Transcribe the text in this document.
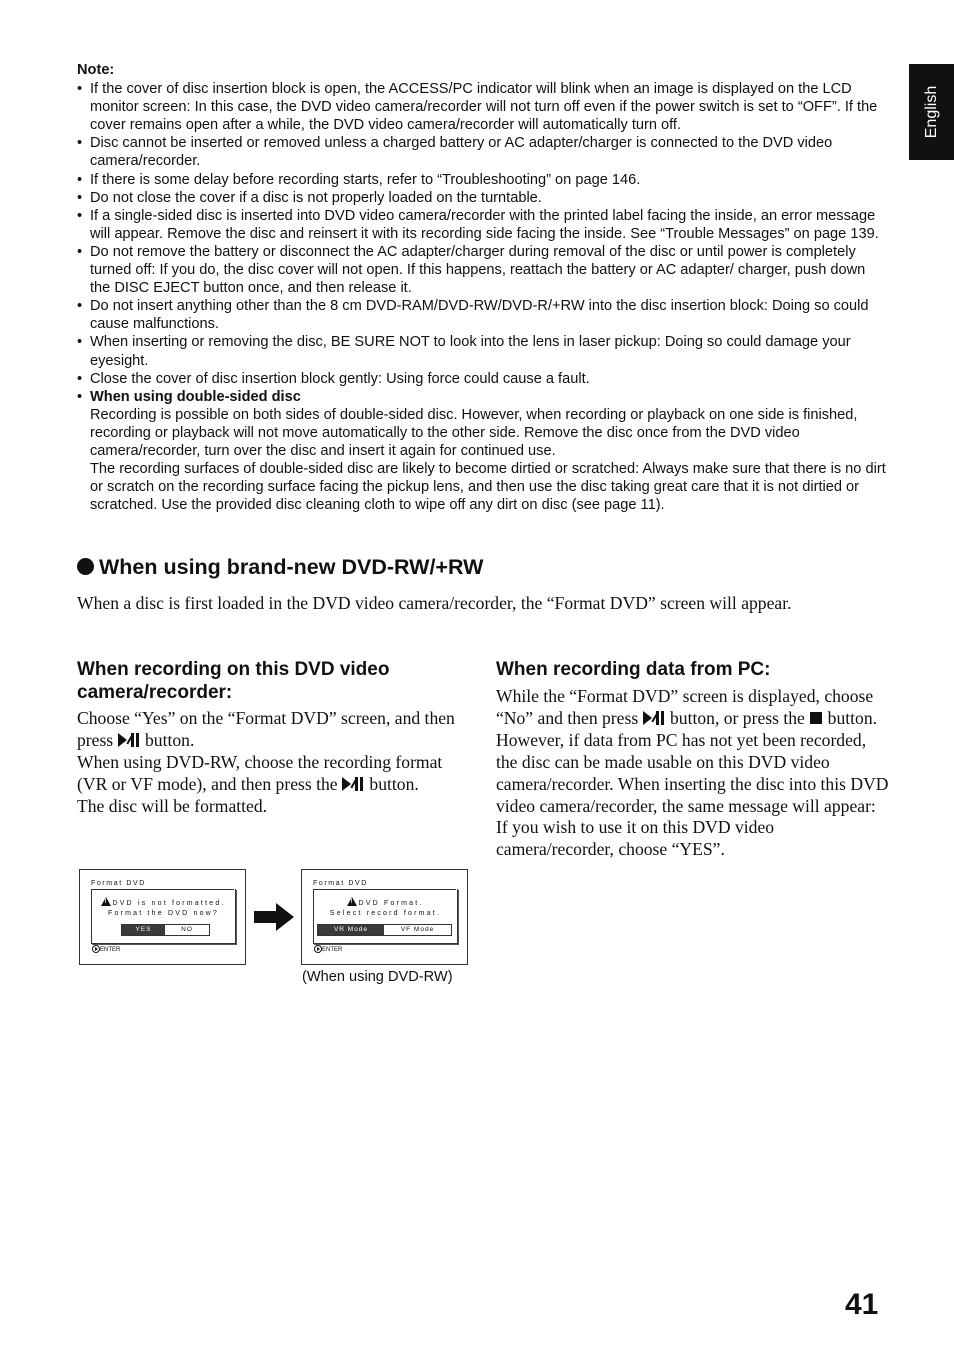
English
Note:
• If the cover of disc insertion block is open, the ACCESS/PC indicator will blink when an image is displayed on the LCD monitor screen: In this case, the DVD video camera/recorder will not turn off even if the power switch is set to “OFF”. If the cover remains open after a while, the DVD video camera/recorder will automatically turn off.
• Disc cannot be inserted or removed unless a charged battery or AC adapter/charger is connected to the DVD video camera/recorder.
• If there is some delay before recording starts, refer to “Troubleshooting” on page 146.
• Do not close the cover if a disc is not properly loaded on the turntable.
• If a single-sided disc is inserted into DVD video camera/recorder with the printed label facing the inside, an error message will appear. Remove the disc and reinsert it with its recording side facing the inside. See “Trouble Messages” on page 139.
• Do not remove the battery or disconnect the AC adapter/charger during removal of the disc or until power is completely turned off: If you do, the disc cover will not open. If this happens, reattach the battery or AC adapter/ charger, push down the DISC EJECT button once, and then release it.
• Do not insert anything other than the 8 cm DVD-RAM/DVD-RW/DVD-R/+RW into the disc insertion block: Doing so could cause malfunctions.
• When inserting or removing the disc, BE SURE NOT to look into the lens in laser pickup: Doing so could damage your eyesight.
• Close the cover of disc insertion block gently: Using force could cause a fault.
• When using double-sided disc

Recording is possible on both sides of double-sided disc. However, when recording or playback on one side is finished, recording or playback will not move automatically to the other side. Remove the disc once from the DVD video camera/recorder, turn over the disc and insert it again for continued use.

The recording surfaces of double-sided disc are likely to become dirtied or scratched: Always make sure that there is no dirt or scratch on the recording surface facing the pickup lens, and then use the disc taking great care that it is not dirtied or scratched. Use the provided disc cleaning cloth to wipe off any dirt on disc (see page 11).

When using brand-new DVD-RW/+RW
When a disc is first loaded in the DVD video camera/recorder, the “Format DVD” screen will appear.
When recording on this DVD video camera/recorder:

Choose “Yes” on the “Format DVD” screen, and then press button.

When using DVD-RW, choose the recording format (VR or VF mode), and then press the button.

The disc will be formatted.

When recording data from PC:

While the “Format DVD” screen is displayed, choose “No” and then press button, or press the button.

However, if data from PC has not yet been recorded, the disc can be made usable on this DVD video camera/recorder. When inserting the disc into this DVD video camera/recorder, the same message will appear: If you wish to use it on this DVD video camera/recorder, choose “YES”.

Format DVD
!DVD is not formatted.
Format the DVD now?
YES	NO
ENTER
Format DVD
!DVD Format.
Select record format.
VR Mode	VF Mode
ENTER
(When using DVD-RW)
41
